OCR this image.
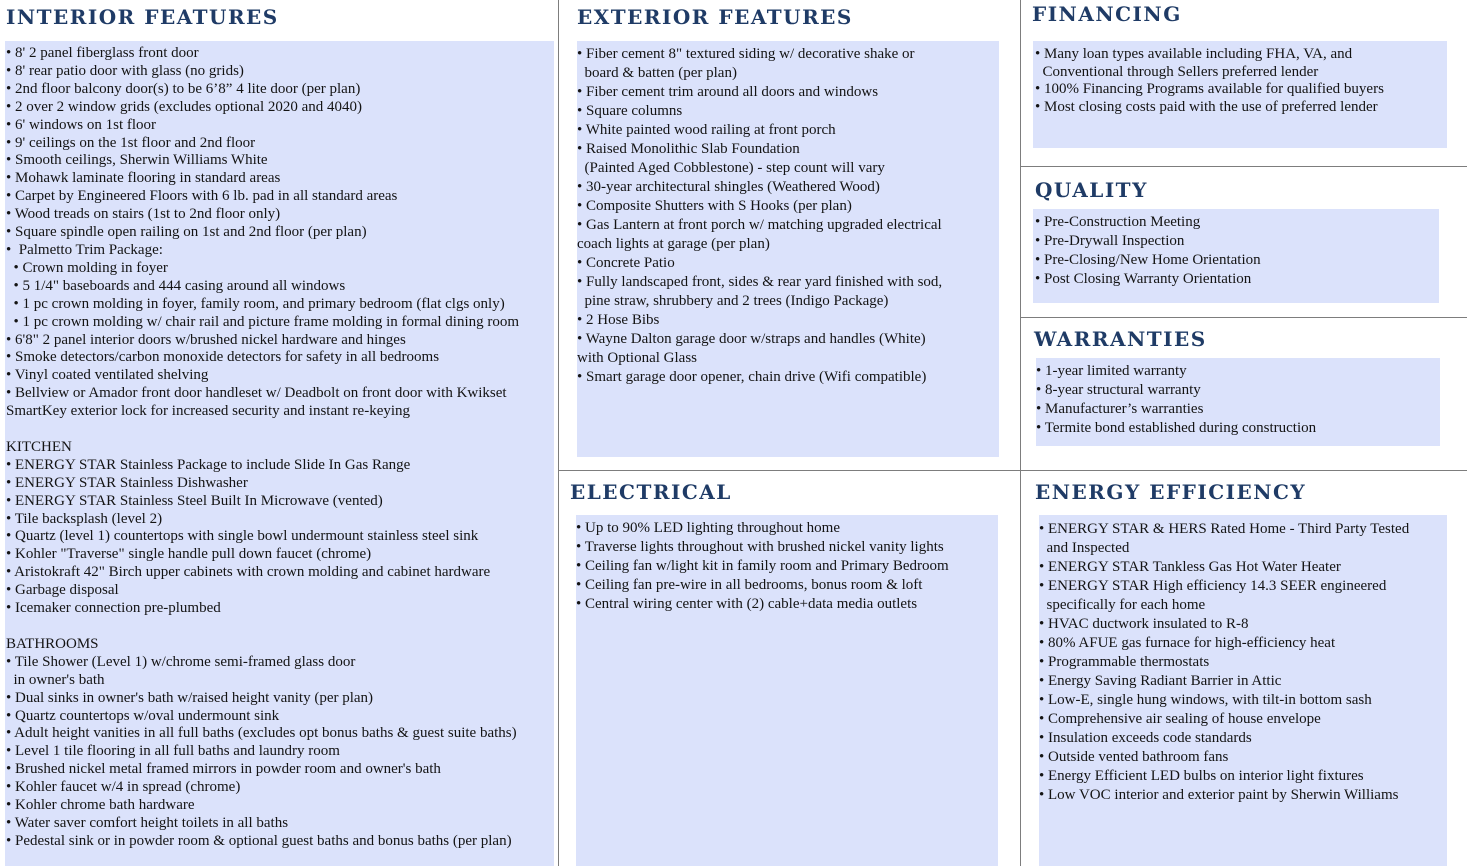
INTERIOR FEATURES
• 8' 2 panel fiberglass front door
• 8' rear patio door with glass (no grids)
• 2nd floor balcony door(s) to be 6’8” 4 lite door (per plan)
• 2 over 2 window grids (excludes optional 2020 and 4040)
• 6' windows on 1st floor
• 9' ceilings on the 1st floor and 2nd floor
• Smooth ceilings, Sherwin Williams White
• Mohawk laminate flooring in standard areas
• Carpet by Engineered Floors with 6 lb. pad in all standard areas
• Wood treads on stairs (1st to 2nd floor only)
• Square spindle open railing on 1st and 2nd floor (per plan)
•  Palmetto Trim Package:
• Crown molding in foyer
• 5 1/4" baseboards and 444 casing around all windows
• 1 pc crown molding in foyer, family room, and primary bedroom (flat clgs only)
• 1 pc crown molding w/ chair rail and picture frame molding in formal dining room
• 6'8" 2 panel interior doors w/brushed nickel hardware and hinges
• Smoke detectors/carbon monoxide detectors for safety in all bedrooms
• Vinyl coated ventilated shelving
• Bellview or Amador front door handleset w/ Deadbolt on front door with Kwikset
SmartKey exterior lock for increased security and instant re-keying
KITCHEN
• ENERGY STAR Stainless Package to include Slide In Gas Range
• ENERGY STAR Stainless Dishwasher
• ENERGY STAR Stainless Steel Built In Microwave (vented)
• Tile backsplash (level 2)
• Quartz (level 1) countertops with single bowl undermount stainless steel sink
• Kohler "Traverse" single handle pull down faucet (chrome)
• Aristokraft 42" Birch upper cabinets with crown molding and cabinet hardware
• Garbage disposal
• Icemaker connection pre-plumbed
BATHROOMS
• Tile Shower (Level 1) w/chrome semi-framed glass door
in owner's bath
• Dual sinks in owner's bath w/raised height vanity (per plan)
• Quartz countertops w/oval undermount sink
• Adult height vanities in all full baths (excludes opt bonus baths & guest suite baths)
• Level 1 tile flooring in all full baths and laundry room
• Brushed nickel metal framed mirrors in powder room and owner's bath
• Kohler faucet w/4 in spread (chrome)
• Kohler chrome bath hardware
• Water saver comfort height toilets in all baths
• Pedestal sink or in powder room & optional guest baths and bonus baths (per plan)
EXTERIOR FEATURES
• Fiber cement 8" textured siding w/ decorative shake or
board & batten (per plan)
• Fiber cement trim around all doors and windows
• Square columns
• White painted wood railing at front porch
• Raised Monolithic Slab Foundation
(Painted Aged Cobblestone) - step count will vary
• 30-year architectural shingles (Weathered Wood)
• Composite Shutters with S Hooks (per plan)
• Gas Lantern at front porch w/ matching upgraded electrical
coach lights at garage (per plan)
• Concrete Patio
• Fully landscaped front, sides & rear yard finished with sod,
pine straw, shrubbery and 2 trees (Indigo Package)
• 2 Hose Bibs
• Wayne Dalton garage door w/straps and handles (White)
with Optional Glass
• Smart garage door opener, chain drive (Wifi compatible)
ELECTRICAL
• Up to 90% LED lighting throughout home
• Traverse lights throughout with brushed nickel vanity lights
• Ceiling fan w/light kit in family room and Primary Bedroom
• Ceiling fan pre-wire in all bedrooms, bonus room & loft
• Central wiring center with (2) cable+data media outlets
FINANCING
• Many loan types available including FHA, VA, and
Conventional through Sellers preferred lender
• 100% Financing Programs available for qualified buyers
• Most closing costs paid with the use of preferred lender
QUALITY
• Pre-Construction Meeting
• Pre-Drywall Inspection
• Pre-Closing/New Home Orientation
• Post Closing Warranty Orientation
WARRANTIES
• 1-year limited warranty
• 8-year structural warranty
• Manufacturer’s warranties
• Termite bond established during construction
ENERGY EFFICIENCY
• ENERGY STAR & HERS Rated Home - Third Party Tested
and Inspected
• ENERGY STAR Tankless Gas Hot Water Heater
• ENERGY STAR High efficiency 14.3 SEER engineered
specifically for each home
• HVAC ductwork insulated to R-8
• 80% AFUE gas furnace for high-efficiency heat
• Programmable thermostats
• Energy Saving Radiant Barrier in Attic
• Low-E, single hung windows, with tilt-in bottom sash
• Comprehensive air sealing of house envelope
• Insulation exceeds code standards
• Outside vented bathroom fans
• Energy Efficient LED bulbs on interior light fixtures
• Low VOC interior and exterior paint by Sherwin Williams
